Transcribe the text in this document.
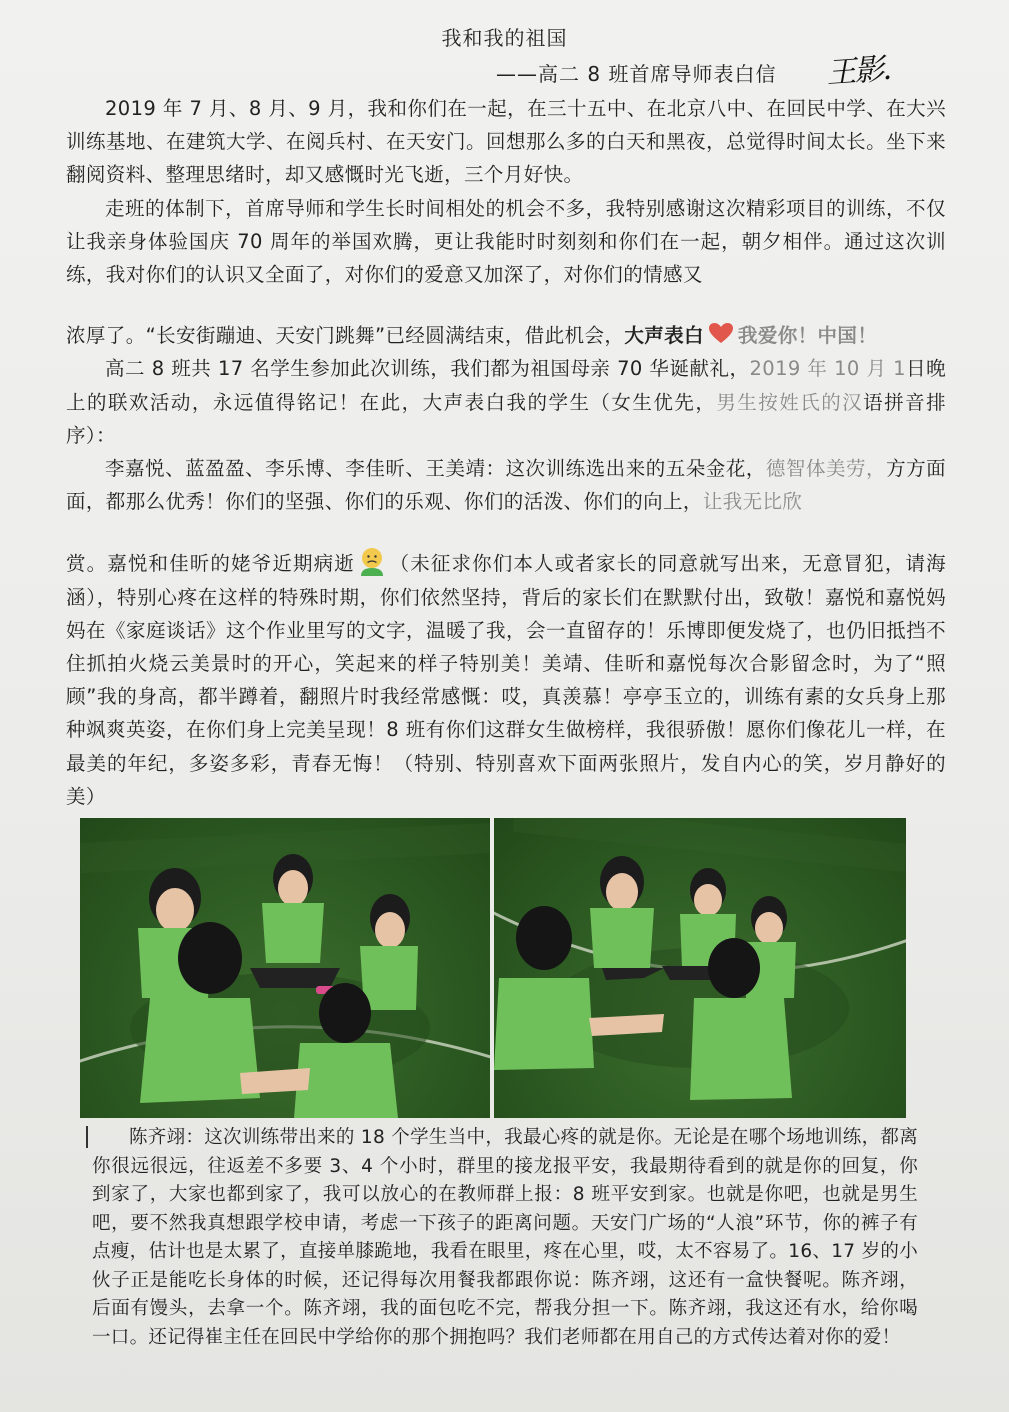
我和我的祖国
——高二 8 班首席导师表白信 王影.

2019 年 7 月、8 月、9 月，我和你们在一起，在三十五中、在北京八中、在回民中学、在大兴训练基地、在建筑大学、在阅兵村、在天安门。回想那么多的白天和黑夜，总觉得时间太长。坐下来翻阅资料、整理思绪时，却又感慨时光飞逝，三个月好快。

走班的体制下，首席导师和学生长时间相处的机会不多，我特别感谢这次精彩项目的训练，不仅让我亲身体验国庆 70 周年的举国欢腾，更让我能时时刻刻和你们在一起，朝夕相伴。通过这次训练，我对你们的认识又全面了，对你们的爱意又加深了，对你们的情感又

浓厚了。“长安街蹦迪、天安门跳舞”已经圆满结束，借此机会，大声表白 我爱你！中国！

高二 8 班共 17 名学生参加此次训练，我们都为祖国母亲 70 华诞献礼，2019 年 10 月 1日晚上的联欢活动，永远值得铭记！在此，大声表白我的学生（女生优先，男生按姓氏的汉语拼音排序）：

李嘉悦、蓝盈盈、李乐博、李佳昕、王美靖：这次训练选出来的五朵金花，德智体美劳，方方面面，都那么优秀！你们的坚强、你们的乐观、你们的活泼、你们的向上，让我无比欣

赏。嘉悦和佳昕的姥爷近期病逝 （未征求你们本人或者家长的同意就写出来，无意冒犯，请海涵），特别心疼在这样的特殊时期，你们依然坚持，背后的家长们在默默付出，致敬！嘉悦和嘉悦妈妈在《家庭谈话》这个作业里写的文字，温暖了我，会一直留存的！乐博即便发烧了，也仍旧抵挡不住抓拍火烧云美景时的开心，笑起来的样子特别美！美靖、佳昕和嘉悦每次合影留念时，为了“照顾”我的身高，都半蹲着，翻照片时我经常感慨：哎，真羡慕！亭亭玉立的，训练有素的女兵身上那种飒爽英姿，在你们身上完美呈现！8 班有你们这群女生做榜样，我很骄傲！愿你们像花儿一样，在最美的年纪，多姿多彩，青春无悔！（特别、特别喜欢下面两张照片，发自内心的笑，岁月静好的美）

陈齐翊：这次训练带出来的 18 个学生当中，我最心疼的就是你。无论是在哪个场地训练，都离你很远很远，往返差不多要 3、4 个小时，群里的接龙报平安，我最期待看到的就是你的回复，你到家了，大家也都到家了，我可以放心的在教师群上报：8 班平安到家。也就是你吧，也就是男生吧，要不然我真想跟学校申请，考虑一下孩子的距离问题。天安门广场的“人浪”环节，你的裤子有点瘦，估计也是太累了，直接单膝跪地，我看在眼里，疼在心里，哎，太不容易了。16、17 岁的小伙子正是能吃长身体的时候，还记得每次用餐我都跟你说：陈齐翊，这还有一盒快餐呢。陈齐翊，后面有馒头，去拿一个。陈齐翊，我的面包吃不完，帮我分担一下。陈齐翊，我这还有水，给你喝一口。还记得崔主任在回民中学给你的那个拥抱吗？我们老师都在用自己的方式传达着对你的爱！
